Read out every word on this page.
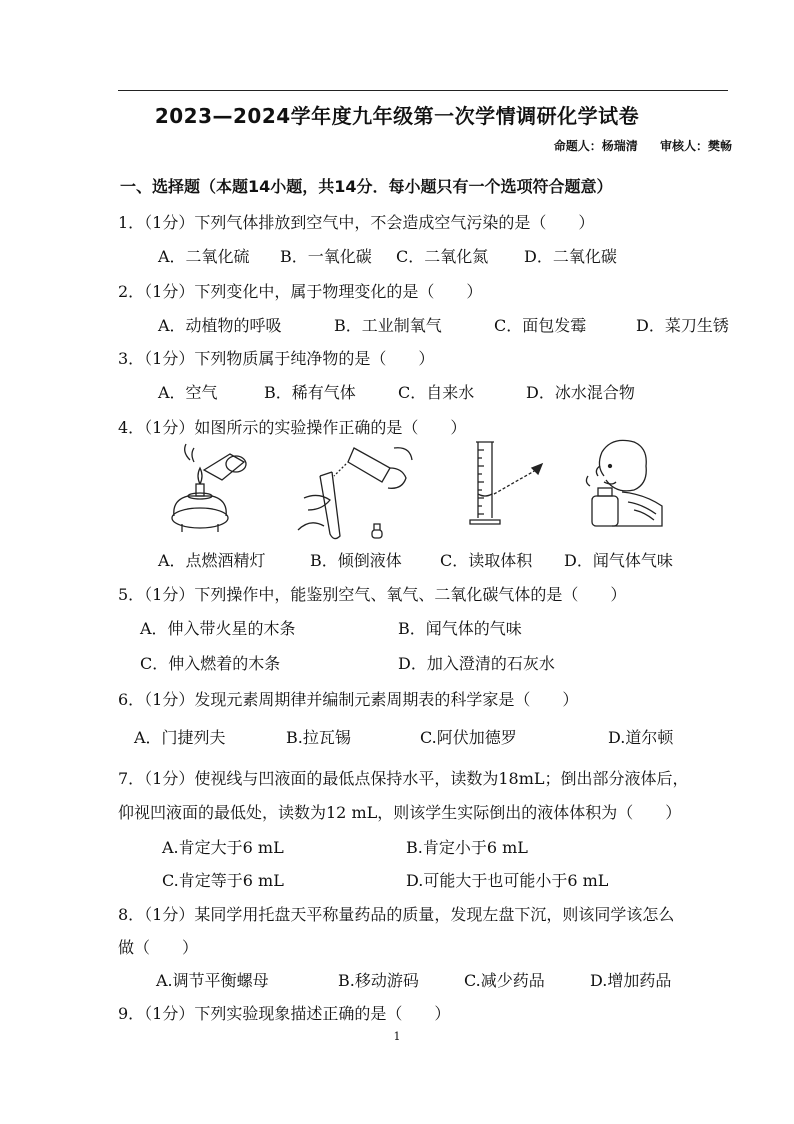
2023—2024学年度九年级第一次学情调研化学试卷
命题人：杨瑞清 审核人：樊畅
一、选择题（本题14小题，共14分．每小题只有一个选项符合题意）
1．（1分）下列气体排放到空气中，不会造成空气污染的是（　　）
A．二氧化硫 B．一氧化碳 C．二氧化氮 D．二氧化碳
2．（1分）下列变化中，属于物理变化的是（　　）
A．动植物的呼吸	B．工业制氧气	C．面包发霉	D．菜刀生锈
3．（1分）下列物质属于纯净物的是（　　）
A．空气	B．稀有气体	C．自来水	D．冰水混合物
4．（1分）如图所示的实验操作正确的是（　　）
A．点燃酒精灯	B．倾倒液体 C．读取体积 D．闻气体气味
5．（1分）下列操作中，能鉴别空气、氧气、二氧化碳气体的是（　　）
A．伸入带火星的木条	B．闻气体的气味
C．伸入燃着的木条	D．加入澄清的石灰水
6．（1分）发现元素周期律并编制元素周期表的科学家是（　　）
A．门捷列夫	B.拉瓦锡	C.阿伏加德罗	D.道尔顿
7．（1分）使视线与凹液面的最低点保持水平，读数为18mL；倒出部分液体后，
仰视凹液面的最低处，读数为12 mL，则该学生实际倒出的液体体积为（　　）
A.肯定大于6 mL	B.肯定小于6 mL
C.肯定等于6 mL	D.可能大于也可能小于6 mL
8．（1分）某同学用托盘天平称量药品的质量，发现左盘下沉，则该同学该怎么
做（　　）
A.调节平衡螺母	B.移动游码	C.减少药品	D.增加药品
9．（1分）下列实验现象描述正确的是（　　）
1
